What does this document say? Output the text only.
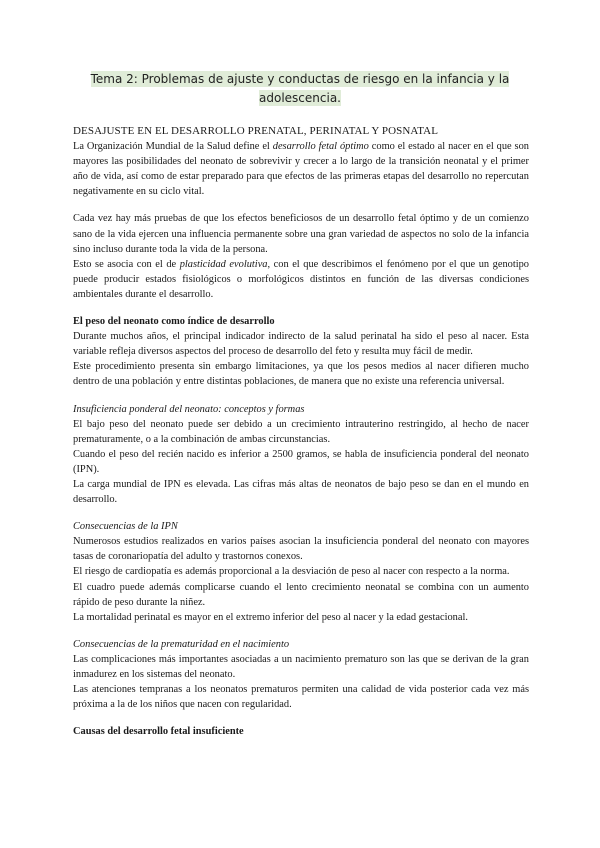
Tema 2: Problemas de ajuste y conductas de riesgo en la infancia y la
adolescencia.

DESAJUSTE EN EL DESARROLLO PRENATAL, PERINATAL Y POSNATAL

La Organización Mundial de la Salud define el desarrollo fetal óptimo como el estado al nacer en el que son mayores las posibilidades del neonato de sobrevivir y crecer a lo largo de la transición neonatal y el primer año de vida, así como de estar preparado para que efectos de las primeras etapas del desarrollo no repercutan negativamente en su ciclo vital.

Cada vez hay más pruebas de que los efectos beneficiosos de un desarrollo fetal óptimo y de un comienzo sano de la vida ejercen una influencia permanente sobre una gran variedad de aspectos no solo de la infancia sino incluso durante toda la vida de la persona.

Esto se asocia con el de plasticidad evolutiva, con el que describimos el fenómeno por el que un genotipo puede producir estados fisiológicos o morfológicos distintos en función de las diversas condiciones ambientales durante el desarrollo.

El peso del neonato como índice de desarrollo

Durante muchos años, el principal indicador indirecto de la salud perinatal ha sido el peso al nacer. Esta variable refleja diversos aspectos del proceso de desarrollo del feto y resulta muy fácil de medir.

Este procedimiento presenta sin embargo limitaciones, ya que los pesos medios al nacer difieren mucho dentro de una población y entre distintas poblaciones, de manera que no existe una referencia universal.

Insuficiencia ponderal del neonato: conceptos y formas

El bajo peso del neonato puede ser debido a un crecimiento intrauterino restringido, al hecho de nacer prematuramente, o a la combinación de ambas circunstancias.

Cuando el peso del recién nacido es inferior a 2500 gramos, se habla de insuficiencia ponderal del neonato (IPN).

La carga mundial de IPN es elevada. Las cifras más altas de neonatos de bajo peso se dan en el mundo en desarrollo.

Consecuencias de la IPN

Numerosos estudios realizados en varios países asocian la insuficiencia ponderal del neonato con mayores tasas de coronariopatía del adulto y trastornos conexos.

El riesgo de cardiopatía es además proporcional a la desviación de peso al nacer con respecto a la norma.

El cuadro puede además complicarse cuando el lento crecimiento neonatal se combina con un aumento rápido de peso durante la niñez.

La mortalidad perinatal es mayor en el extremo inferior del peso al nacer y la edad gestacional.

Consecuencias de la prematuridad en el nacimiento

Las complicaciones más importantes asociadas a un nacimiento prematuro son las que se derivan de la gran inmadurez en los sistemas del neonato.

Las atenciones tempranas a los neonatos prematuros permiten una calidad de vida posterior cada vez más próxima a la de los niños que nacen con regularidad.

Causas del desarrollo fetal insuficiente
